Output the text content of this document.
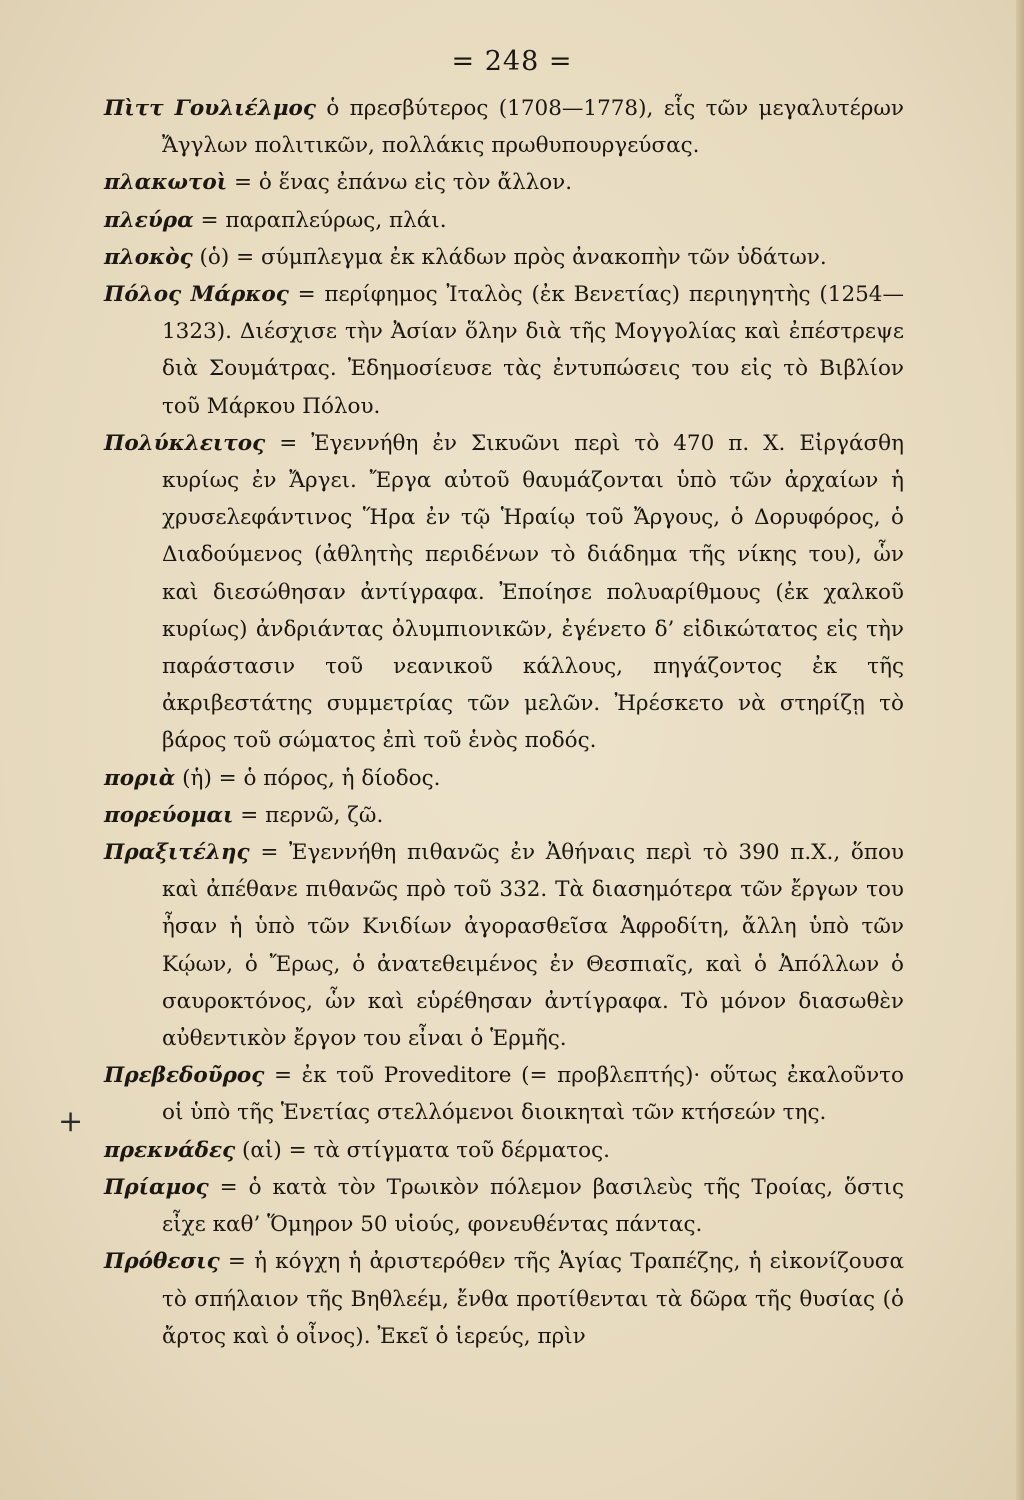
= 248 =
+

Πὶττ Γουλιέλμος ὁ πρεσβύτερος (1708—1778), εἷς τῶν μεγαλυτέρων Ἄγγλων πολιτικῶν, πολλάκις πρωθυπουργεύσας.

πλακωτοὶ = ὁ ἕνας ἐπάνω εἰς τὸν ἄλλον.

πλεύρα = παραπλεύρως, πλάι.

πλοκὸς (ὁ) = σύμπλεγμα ἐκ κλάδων πρὸς ἀνακοπὴν τῶν ὑδάτων.

Πόλος Μάρκος = περίφημος Ἰταλὸς (ἐκ Βενετίας) περιηγητὴς (1254—1323). Διέσχισε τὴν Ἀσίαν ὅλην διὰ τῆς Μογγολίας καὶ ἐπέστρεψε διὰ Σουμάτρας. Ἐδημοσίευσε τὰς ἐντυπώσεις του εἰς τὸ Βιβλίον τοῦ Μάρκου Πόλου.

Πολύκλειτος = Ἐγεννήθη ἐν Σικυῶνι περὶ τὸ 470 π. Χ. Εἰργάσθη κυρίως ἐν Ἄργει. Ἔργα αὐτοῦ θαυμάζονται ὑπὸ τῶν ἀρχαίων ἡ χρυσελεφάντινος Ἥρα ἐν τῷ Ἡραίῳ τοῦ Ἄργους, ὁ Δορυφόρος, ὁ Διαδούμενος (ἀθλητὴς περιδένων τὸ διάδημα τῆς νίκης του), ὧν καὶ διεσώθησαν ἀντίγραφα. Ἐποίησε πολυαρίθμους (ἐκ χαλκοῦ κυρίως) ἀνδριάντας ὀλυμπιονικῶν, ἐγένετο δ’ εἰδικώτατος εἰς τὴν παράστασιν τοῦ νεανικοῦ κάλλους, πηγάζοντος ἐκ τῆς ἀκριβεστάτης συμμετρίας τῶν μελῶν. Ἠρέσκετο νὰ στηρίζῃ τὸ βάρος τοῦ σώματος ἐπὶ τοῦ ἑνὸς ποδός.

ποριὰ (ἡ) = ὁ πόρος, ἡ δίοδος.

πορεύομαι = περνῶ, ζῶ.

Πραξιτέλης = Ἐγεννήθη πιθανῶς ἐν Ἀθήναις περὶ τὸ 390 π.Χ., ὅπου καὶ ἀπέθανε πιθανῶς πρὸ τοῦ 332. Τὰ διασημότερα τῶν ἔργων του ἦσαν ἡ ὑπὸ τῶν Κνιδίων ἀγορασθεῖσα Ἀφροδίτη, ἄλλη ὑπὸ τῶν Κῴων, ὁ Ἔρως, ὁ ἀνατεθειμένος ἐν Θεσπιαῖς, καὶ ὁ Ἀπόλλων ὁ σαυροκτόνος, ὧν καὶ εὑρέθησαν ἀντίγραφα. Τὸ μόνον διασωθὲν αὐθεντικὸν ἔργον του εἶναι ὁ Ἑρμῆς.

Πρεβεδοῦρος = ἐκ τοῦ Proveditore (= προβλεπτής)· οὕτως ἐκαλοῦντο οἱ ὑπὸ τῆς Ἑνετίας στελλόμενοι διοικηταὶ τῶν κτήσεών της.

πρεκνάδες (αἱ) = τὰ στίγματα τοῦ δέρματος.

Πρίαμος = ὁ κατὰ τὸν Τρωικὸν πόλεμον βασιλεὺς τῆς Τροίας, ὅστις εἶχε καθ’ Ὅμηρον 50 υἱούς, φονευθέντας πάντας.

Πρόθεσις = ἡ κόγχη ἡ ἀριστερόθεν τῆς Ἁγίας Τραπέζης, ἡ εἰκονίζουσα τὸ σπήλαιον τῆς Βηθλεέμ, ἔνθα προτίθενται τὰ δῶρα τῆς θυσίας (ὁ ἄρτος καὶ ὁ οἶνος). Ἐκεῖ ὁ ἱερεύς, πρὶν
